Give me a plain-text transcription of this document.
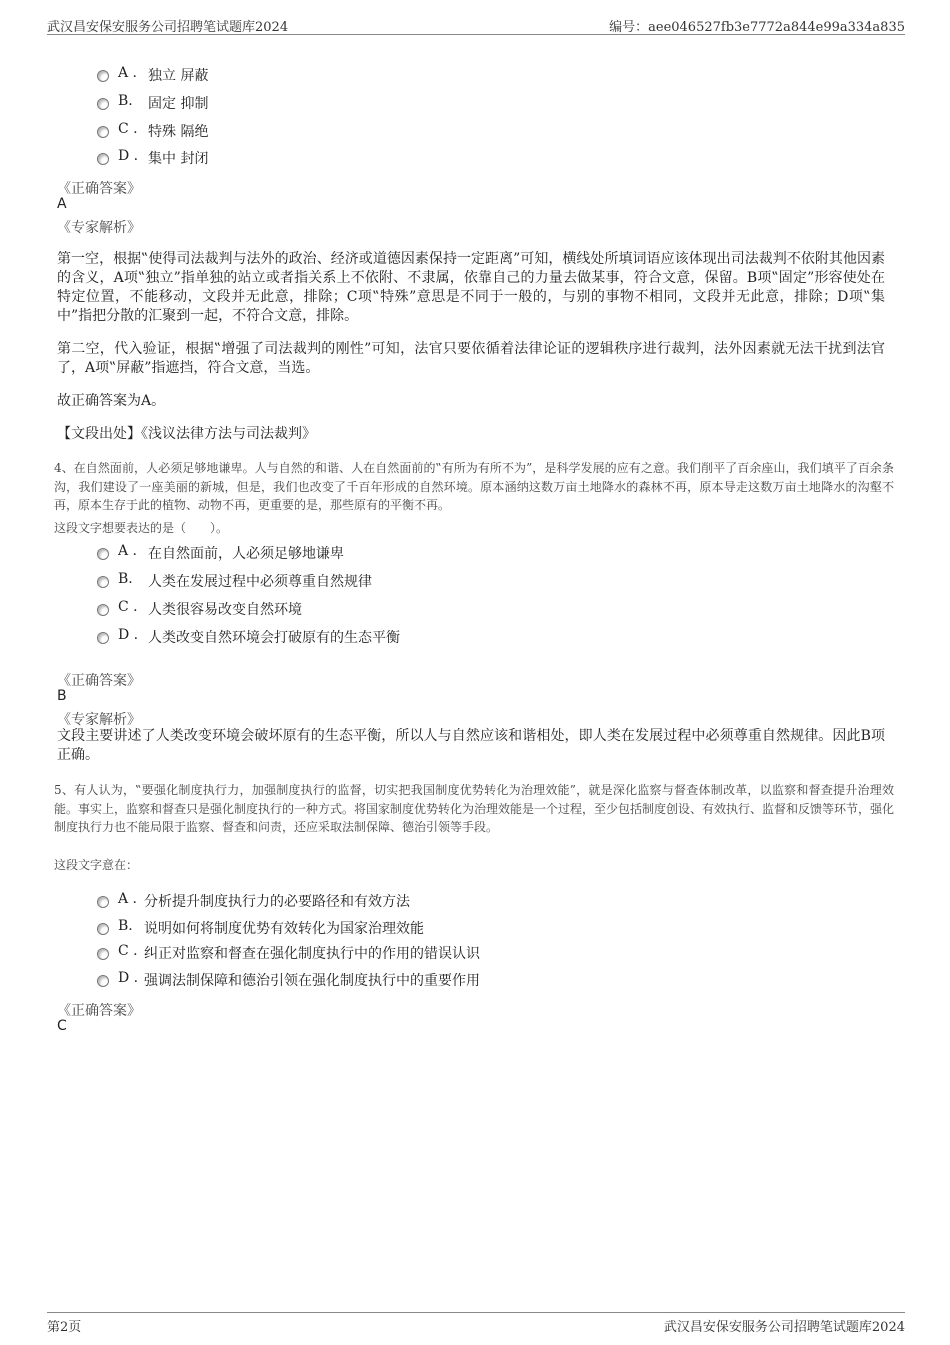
武汉昌安保安服务公司招聘笔试题库2024	编号：aee046527fb3e7772a844e99a334a835
A . 独立 屏蔽
B. 固定 抑制
C . 特殊 隔绝
D . 集中 封闭
《正确答案》
A
《专家解析》
第一空，根据‟使得司法裁判与法外的政治、经济或道德因素保持一定距离”可知，横线处所填词语应该体现出司法裁判不依附其他因素的含义，A项‟独立”指单独的站立或者指关系上不依附、不隶属，依靠自己的力量去做某事，符合文意，保留。B项‟固定”形容使处在特定位置，不能移动，文段并无此意，排除；C项‟特殊”意思是不同于一般的，与别的事物不相同，文段并无此意，排除；D项‟集中”指把分散的汇聚到一起，不符合文意，排除。
第二空，代入验证，根据‟增强了司法裁判的刚性”可知，法官只要依循着法律论证的逻辑秩序进行裁判，法外因素就无法干扰到法官了，A项‟屏蔽”指遮挡，符合文意，当选。
故正确答案为A。
【文段出处】《浅议法律方法与司法裁判》
4、在自然面前，人必须足够地谦卑。人与自然的和谐、人在自然面前的‟有所为有所不为”，是科学发展的应有之意。我们削平了百余座山，我们填平了百余条沟，我们建设了一座美丽的新城，但是，我们也改变了千百年形成的自然环境。原本涵纳这数万亩土地降水的森林不再，原本导走这数万亩土地降水的沟壑不再，原本生存于此的植物、动物不再，更重要的是，那些原有的平衡不再。
这段文字想要表达的是（　　）。
A . 在自然面前，人必须足够地谦卑
B. 人类在发展过程中必须尊重自然规律
C . 人类很容易改变自然环境
D . 人类改变自然环境会打破原有的生态平衡
《正确答案》
B
《专家解析》
文段主要讲述了人类改变环境会破坏原有的生态平衡，所以人与自然应该和谐相处，即人类在发展过程中必须尊重自然规律。因此B项正确。
5、有人认为，‟要强化制度执行力，加强制度执行的监督，切实把我国制度优势转化为治理效能”，就是深化监察与督查体制改革，以监察和督查提升治理效能。事实上，监察和督查只是强化制度执行的一种方式。将国家制度优势转化为治理效能是一个过程，至少包括制度创设、有效执行、监督和反馈等环节，强化制度执行力也不能局限于监察、督查和问责，还应采取法制保障、德治引领等手段。
这段文字意在：
A . 分析提升制度执行力的必要路径和有效方法
B. 说明如何将制度优势有效转化为国家治理效能
C . 纠正对监察和督查在强化制度执行中的作用的错误认识
D . 强调法制保障和德治引领在强化制度执行中的重要作用
《正确答案》
C
第2页	武汉昌安保安服务公司招聘笔试题库2024
